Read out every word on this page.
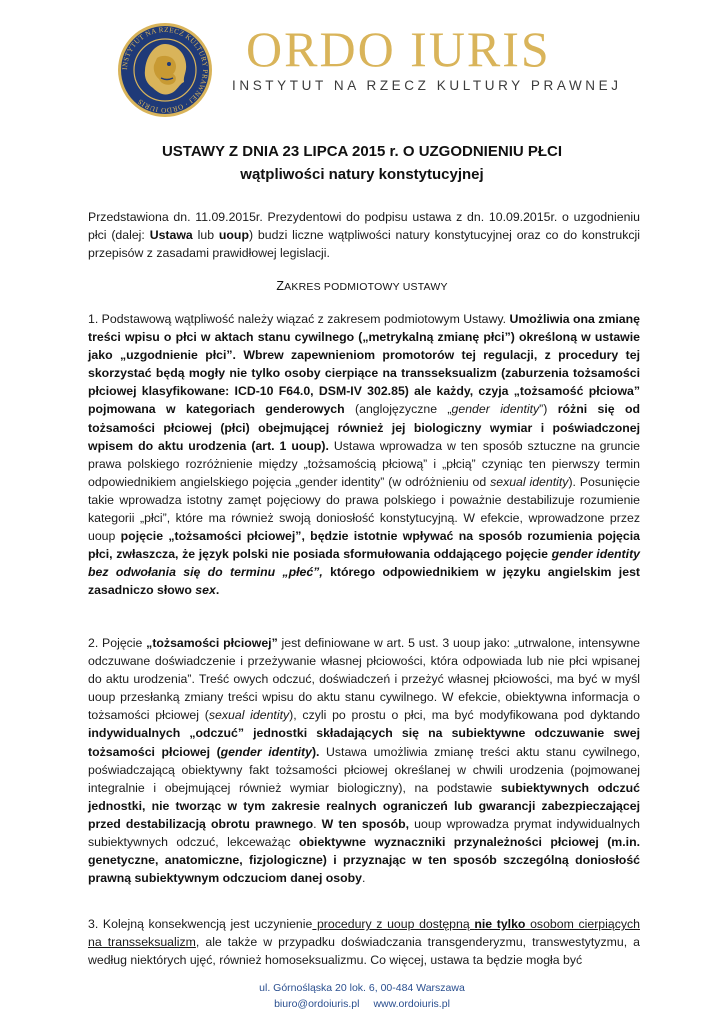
INSTYTUT NA RZECZ KULTURY PRAWNEJ · ORDO IURIS
ORDO IURIS
INSTYTUT NA RZECZ KULTURY PRAWNEJ
USTAWY Z DNIA 23 LIPCA 2015 r. O UZGODNIENIU PŁCI
wątpliwości natury konstytucyjnej
Przedstawiona dn. 11.09.2015r. Prezydentowi do podpisu ustawa z dn. 10.09.2015r. o uzgodnieniu płci (dalej: Ustawa lub uoup) budzi liczne wątpliwości natury konstytucyjnej oraz co do konstrukcji przepisów z zasadami prawidłowej legislacji.
ZAKRES PODMIOTOWY USTAWY
1. Podstawową wątpliwość należy wiązać z zakresem podmiotowym Ustawy. Umożliwia ona zmianę treści wpisu o płci w aktach stanu cywilnego („metrykalną zmianę płci”) określoną w ustawie jako „uzgodnienie płci”. Wbrew zapewnieniom promotorów tej regulacji, z procedury tej skorzystać będą mogły nie tylko osoby cierpiące na transseksualizm (zaburzenia tożsamości płciowej klasyfikowane: ICD-10 F64.0, DSM-IV 302.85) ale każdy, czyja „tożsamość płciowa” pojmowana w kategoriach genderowych (anglojęzyczne „gender identity”) różni się od tożsamości płciowej (płci) obejmującej również jej biologiczny wymiar i poświadczonej wpisem do aktu urodzenia (art. 1 uoup). Ustawa wprowadza w ten sposób sztuczne na gruncie prawa polskiego rozróżnienie między „tożsamością płciową” i „płcią” czyniąc ten pierwszy termin odpowiednikiem angielskiego pojęcia „gender identity” (w odróżnieniu od sexual identity). Posunięcie takie wprowadza istotny zamęt pojęciowy do prawa polskiego i poważnie destabilizuje rozumienie kategorii „płci”, które ma również swoją doniosłość konstytucyjną. W efekcie, wprowadzone przez uoup pojęcie „tożsamości płciowej”, będzie istotnie wpływać na sposób rozumienia pojęcia płci, zwłaszcza, że język polski nie posiada sformułowania oddającego pojęcie gender identity bez odwołania się do terminu „płeć”, którego odpowiednikiem w języku angielskim jest zasadniczo słowo sex.
2. Pojęcie „tożsamości płciowej” jest definiowane w art. 5 ust. 3 uoup jako: „utrwalone, intensywne odczuwane doświadczenie i przeżywanie własnej płciowości, która odpowiada lub nie płci wpisanej do aktu urodzenia”. Treść owych odczuć, doświadczeń i przeżyć własnej płciowości, ma być w myśl uoup przesłanką zmiany treści wpisu do aktu stanu cywilnego. W efekcie, obiektywna informacja o tożsamości płciowej (sexual identity), czyli po prostu o płci, ma być modyfikowana pod dyktando indywidualnych „odczuć” jednostki składających się na subiektywne odczuwanie swej tożsamości płciowej (gender identity). Ustawa umożliwia zmianę treści aktu stanu cywilnego, poświadczającą obiektywny fakt tożsamości płciowej określanej w chwili urodzenia (pojmowanej integralnie i obejmującej również wymiar biologiczny), na podstawie subiektywnych odczuć jednostki, nie tworząc w tym zakresie realnych ograniczeń lub gwarancji zabezpieczającej przed destabilizacją obrotu prawnego. W ten sposób, uoup wprowadza prymat indywidualnych subiektywnych odczuć, lekceważąc obiektywne wyznaczniki przynależności płciowej (m.in. genetyczne, anatomiczne, fizjologiczne) i przyznając w ten sposób szczególną doniosłość prawną subiektywnym odczuciom danej osoby.
3. Kolejną konsekwencją jest uczynienie procedury z uoup dostępną nie tylko osobom cierpiących na transseksualizm, ale także w przypadku doświadczania transgenderyzmu, transwestytyzmu, a według niektórych ujęć, również homoseksualizmu. Co więcej, ustawa ta będzie mogła być
ul. Górnośląska 20 lok. 6, 00-484 Warszawa
biuro@ordoiuris.pl www.ordoiuris.pl
